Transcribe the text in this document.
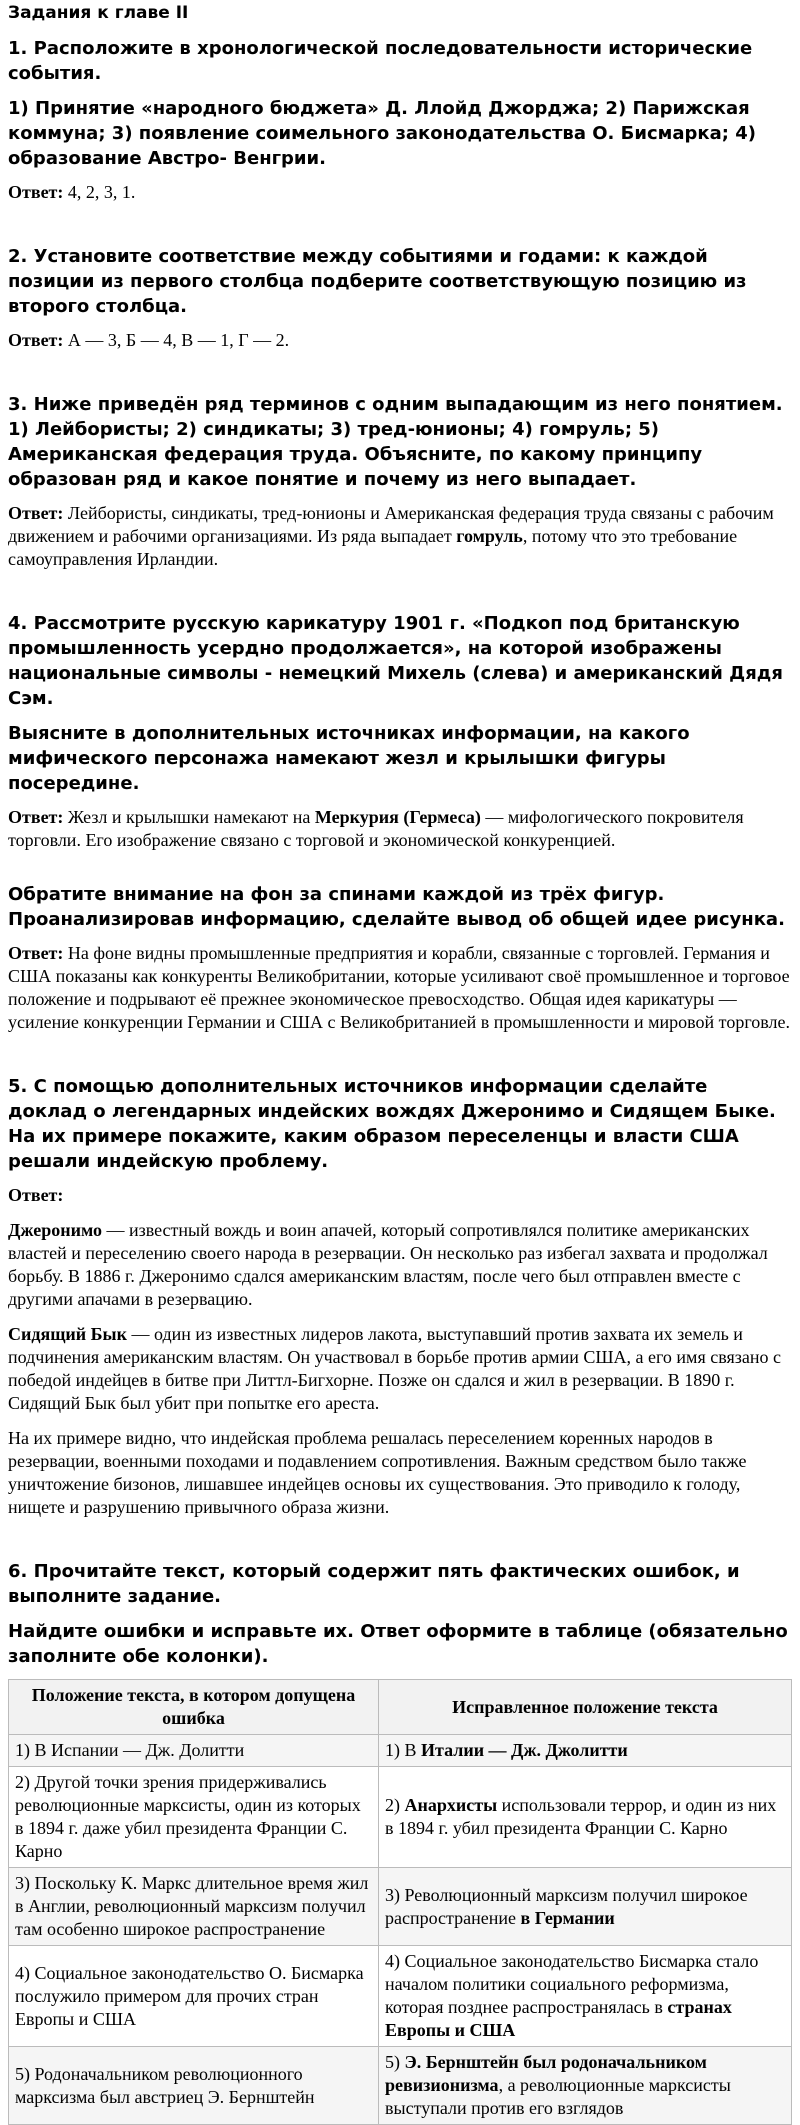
Задания к главе II
1. Расположите в хронологической последовательности исторические события.
1) Принятие «народного бюджета» Д. Ллойд Джорджа; 2) Парижская коммуна; 3) появление соимельного законодательства О. Бисмарка; 4) образование Австро- Венгрии.
Ответ: 4, 2, 3, 1.
2. Установите соответствие между событиями и годами: к каждой позиции из первого столбца подберите соответствующую позицию из второго столбца.
Ответ: А — 3, Б — 4, В — 1, Г — 2.
3. Ниже приведён ряд терминов с одним выпадающим из него понятием. 1) Лейбористы; 2) синдикаты; 3) тред-юнионы; 4) гомруль; 5) Американская федерация труда. Объясните, по какому принципу образован ряд и какое понятие и почему из него выпадает.
Ответ: Лейбористы, синдикаты, тред-юнионы и Американская федерация труда связаны с рабочим движением и рабочими организациями. Из ряда выпадает гомруль, потому что это требование самоуправления Ирландии.
4. Рассмотрите русскую карикатуру 1901 г. «Подкоп под британскую промышленность усердно продолжается», на которой изображены национальные символы - немецкий Михель (слева) и американский Дядя Сэм.
Выясните в дополнительных источниках информации, на какого мифического персонажа намекают жезл и крылышки фигуры посередине.
Ответ: Жезл и крылышки намекают на Меркурия (Гермеса) — мифологического покровителя торговли. Его изображение связано с торговой и экономической конкуренцией.
Обратите внимание на фон за спинами каждой из трёх фигур. Проанализировав информацию, сделайте вывод об общей идее рисунка.
Ответ: На фоне видны промышленные предприятия и корабли, связанные с торговлей. Германия и США показаны как конкуренты Великобритании, которые усиливают своё промышленное и торговое положение и подрывают её прежнее экономическое превосходство. Общая идея карикатуры — усиление конкуренции Германии и США с Великобританией в промышленности и мировой торговле.
5. С помощью дополнительных источников информации сделайте доклад о легендарных индейских вождях Джеронимо и Сидящем Быке. На их примере покажите, каким образом переселенцы и власти США решали индейскую проблему.
Ответ:
Джеронимо — известный вождь и воин апачей, который сопротивлялся политике американских властей и переселению своего народа в резервации. Он несколько раз избегал захвата и продолжал борьбу. В 1886 г. Джеронимо сдался американским властям, после чего был отправлен вместе с другими апачами в резервацию.
Сидящий Бык — один из известных лидеров лакота, выступавший против захвата их земель и подчинения американским властям. Он участвовал в борьбе против армии США, а его имя связано с победой индейцев в битве при Литтл-Бигхорне. Позже он сдался и жил в резервации. В 1890 г. Сидящий Бык был убит при попытке его ареста.
На их примере видно, что индейская проблема решалась переселением коренных народов в резервации, военными походами и подавлением сопротивления. Важным средством было также уничтожение бизонов, лишавшее индейцев основы их существования. Это приводило к голоду, нищете и разрушению привычного образа жизни.
6. Прочитайте текст, который содержит пять фактических ошибок, и выполните задание.
Найдите ошибки и исправьте их. Ответ оформите в таблице (обязательно заполните обе колонки).
Положение текста, в котором допущена ошибка	Исправленное положение текста
1) В Испании — Дж. Долитти	1) В Италии — Дж. Джолитти
2) Другой точки зрения придерживались революционные марксисты, один из которых в 1894 г. даже убил президента Франции С. Карно	2) Анархисты использовали террор, и один из них в 1894 г. убил президента Франции С. Карно
3) Поскольку К. Маркс длительное время жил в Англии, революционный марксизм получил там особенно широкое распространение	3) Революционный марксизм получил широкое распространение в Германии
4) Социальное законодательство О. Бисмарка послужило примером для прочих стран Европы и США	4) Социальное законодательство Бисмарка стало началом политики социального реформизма, которая позднее распространялась в странах Европы и США
5) Родоначальником революционного марксизма был австриец Э. Бернштейн	5) Э. Бернштейн был родоначальником ревизионизма, а революционные марксисты выступали против его взглядов
